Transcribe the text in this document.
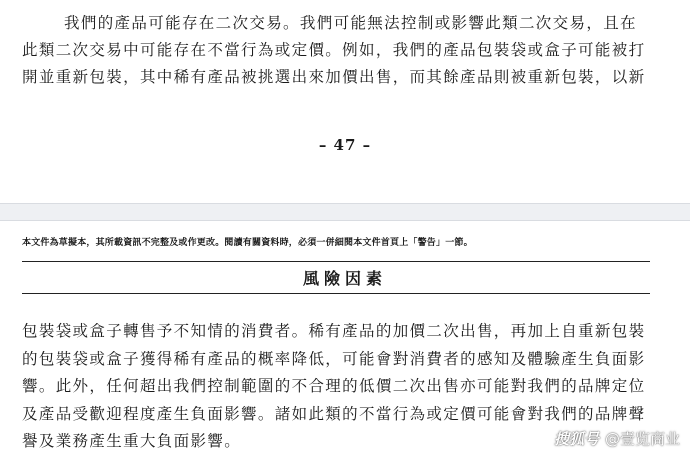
我們的產品可能存在二次交易。我們可能無法控制或影響此類二次交易，且在
此類二次交易中可能存在不當行為或定價。例如，我們的產品包裝袋或盒子可能被打
開並重新包裝，其中稀有產品被挑選出來加價出售，而其餘產品則被重新包裝，以新

– 47 –
本文件為草擬本，其所載資訊不完整及或作更改。閱讀有關資料時，必須一併細閱本文件首頁上「警告」一節。
風險因素

包裝袋或盒子轉售予不知情的消費者。稀有產品的加價二次出售，再加上自重新包裝
的包裝袋或盒子獲得稀有產品的概率降低，可能會對消費者的感知及體驗產生負面影
響。此外，任何超出我們控制範圍的不合理的低價二次出售亦可能對我們的品牌定位
及產品受歡迎程度產生負面影響。諸如此類的不當行為或定價可能會對我們的品牌聲
譽及業務產生重大負面影響。	搜狐号 @壹览商业
